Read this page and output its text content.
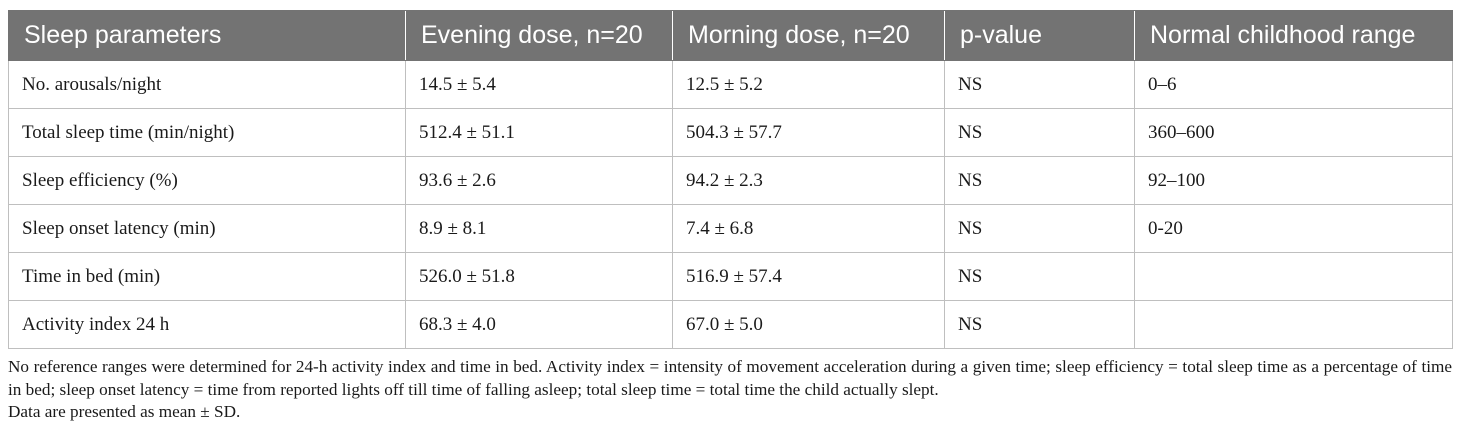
Sleep parameters	Evening dose, n=20	Morning dose, n=20	p-value	Normal childhood range
No. arousals/night	14.5 ± 5.4	12.5 ± 5.2	NS	0–6
Total sleep time (min/night)	512.4 ± 51.1	504.3 ± 57.7	NS	360–600
Sleep efficiency (%)	93.6 ± 2.6	94.2 ± 2.3	NS	92–100
Sleep onset latency (min)	8.9 ± 8.1	7.4 ± 6.8	NS	0-20
Time in bed (min)	526.0 ± 51.8	516.9 ± 57.4	NS	
Activity index 24 h	68.3 ± 4.0	67.0 ± 5.0	NS	

No reference ranges were determined for 24-h activity index and time in bed. Activity index = intensity of movement acceleration during a given time; sleep efficiency = total sleep time as a percentage of time in bed; sleep onset latency = time from reported lights off till time of falling asleep; total sleep time = total time the child actually slept.

Data are presented as mean ± SD.
